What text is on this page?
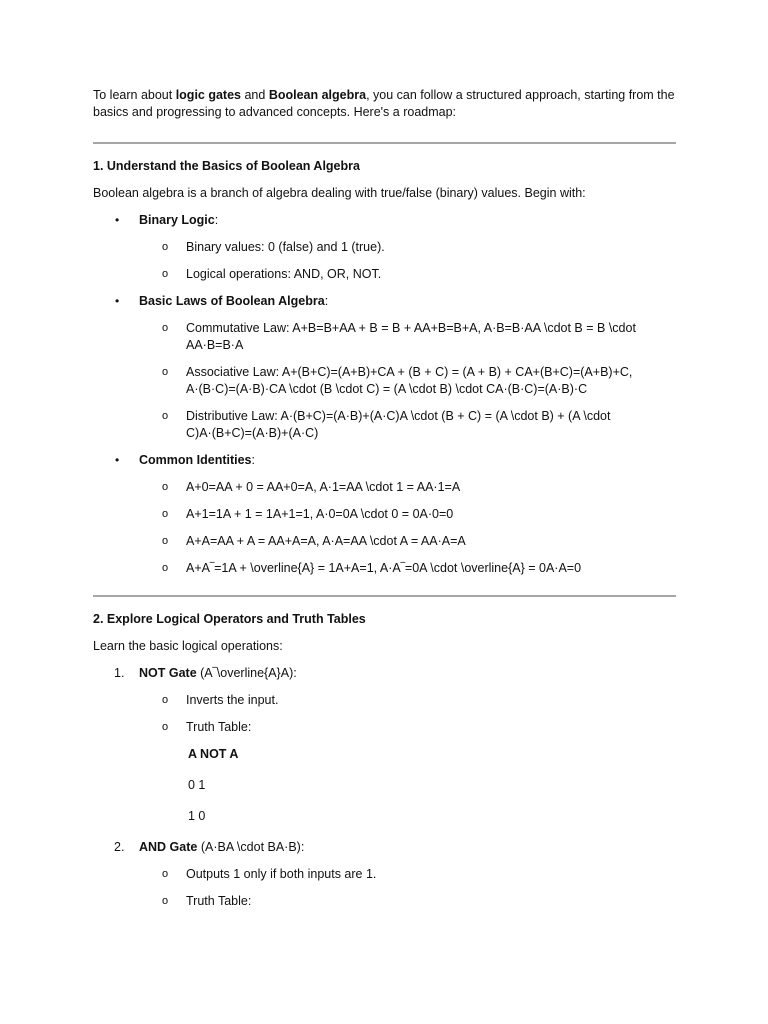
To learn about logic gates and Boolean algebra, you can follow a structured approach, starting from the basics and progressing to advanced concepts. Here's a roadmap:

1. Understand the Basics of Boolean Algebra

Boolean algebra is a branch of algebra dealing with true/false (binary) values. Begin with:

• Binary Logic:
o Binary values: 0 (false) and 1 (true).
o Logical operations: AND, OR, NOT.
• Basic Laws of Boolean Algebra:
o Commutative Law: A+B=B+AA + B = B + AA+B=B+A, A·B=B·AA \cdot B = B \cdot AA·B=B·A
o Associative Law: A+(B+C)=(A+B)+CA + (B + C) = (A + B) + CA+(B+C)=(A+B)+C, A·(B·C)=(A·B)·CA \cdot (B \cdot C) = (A \cdot B) \cdot CA·(B·C)=(A·B)·C
o Distributive Law: A·(B+C)=(A·B)+(A·C)A \cdot (B + C) = (A \cdot B) + (A \cdot C)A·(B+C)=(A·B)+(A·C)
• Common Identities:
o A+0=AA + 0 = AA+0=A, A·1=AA \cdot 1 = AA·1=A
o A+1=1A + 1 = 1A+1=1, A·0=0A \cdot 0 = 0A·0=0
o A+A=AA + A = AA+A=A, A·A=AA \cdot A = AA·A=A
o A+A‾=1A + \overline{A} = 1A+A=1, A·A‾=0A \cdot \overline{A} = 0A·A=0
2. Explore Logical Operators and Truth Tables

Learn the basic logical operations:

1. NOT Gate (A‾\overline{A}A):
o Inverts the input.
o Truth Table:

A NOT A

0 1

1 0

2. AND Gate (A·BA \cdot BA·B):
o Outputs 1 only if both inputs are 1.
o Truth Table:
